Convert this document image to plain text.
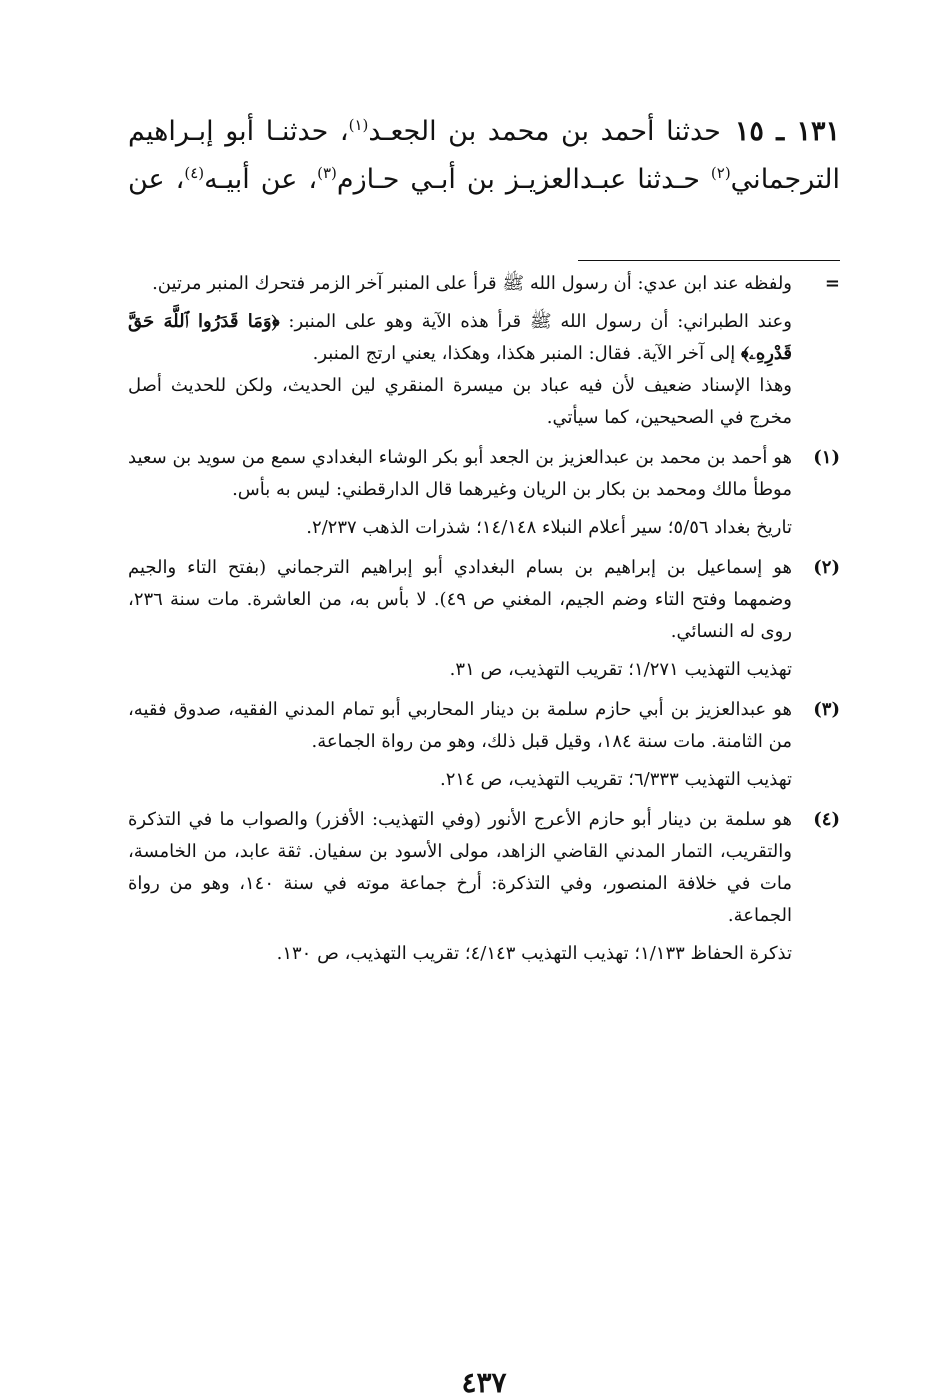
١٣١ ـ ١٥حدثنا أحمد بن محمد بن الجعـد$^{(١)}$، حدثنـا أبو إبـراهيم الترجماني$^{(٢)}$ حـدثنا عبـدالعزيـز بن أبـي حـازم$^{(٣)}$، عن أبيـه$^{(٤)}$، عن

=

ولفظه عند ابن عدي: أن رسول الله ﷺ قرأ على المنبر آخر الزمر فتحرك المنبر مرتين.

وعند الطبراني: أن رسول الله ﷺ قرأ هذه الآية وهو على المنبر: ﴿وَمَا قَدَرُوا ٱللَّهَ حَقَّ قَدْرِهِۦ﴾ إلى آخر الآية. فقال: المنبر هكذا، وهكذا، يعني ارتج المنبر.

وهذا الإسناد ضعيف لأن فيه عباد بن ميسرة المنقري لين الحديث، ولكن للحديث أصل مخرج في الصحيحين، كما سيأتي.

(١)

هو أحمد بن محمد بن عبدالعزيز بن الجعد أبو بكر الوشاء البغدادي سمع من سويد بن سعيد موطأ مالك ومحمد بن بكار بن الريان وغيرهما قال الدارقطني: ليس به بأس.

تاريخ بغداد ٥/٥٦؛ سير أعلام النبلاء ١٤/١٤٨؛ شذرات الذهب ٢/٢٣٧.

(٢)

هو إسماعيل بن إبراهيم بن بسام البغدادي أبو إبراهيم الترجماني (بفتح التاء والجيم وضمهما وفتح التاء وضم الجيم، المغني ص ٤٩). لا بأس به، من العاشرة. مات سنة ٢٣٦، روى له النسائي.

تهذيب التهذيب ١/٢٧١؛ تقريب التهذيب، ص ٣١.

(٣)

هو عبدالعزيز بن أبي حازم سلمة بن دينار المحاربي أبو تمام المدني الفقيه، صدوق فقيه، من الثامنة. مات سنة ١٨٤، وقيل قبل ذلك، وهو من رواة الجماعة.

تهذيب التهذيب ٦/٣٣٣؛ تقريب التهذيب، ص ٢١٤.

(٤)

هو سلمة بن دينار أبو حازم الأعرج الأنور (وفي التهذيب: الأفزر) والصواب ما في التذكرة والتقريب، التمار المدني القاضي الزاهد، مولى الأسود بن سفيان. ثقة عابد، من الخامسة، مات في خلافة المنصور، وفي التذكرة: أرخ جماعة موته في سنة ١٤٠، وهو من رواة الجماعة.

تذكرة الحفاظ ١/١٣٣؛ تهذيب التهذيب ٤/١٤٣؛ تقريب التهذيب، ص ١٣٠.

٤٣٧
